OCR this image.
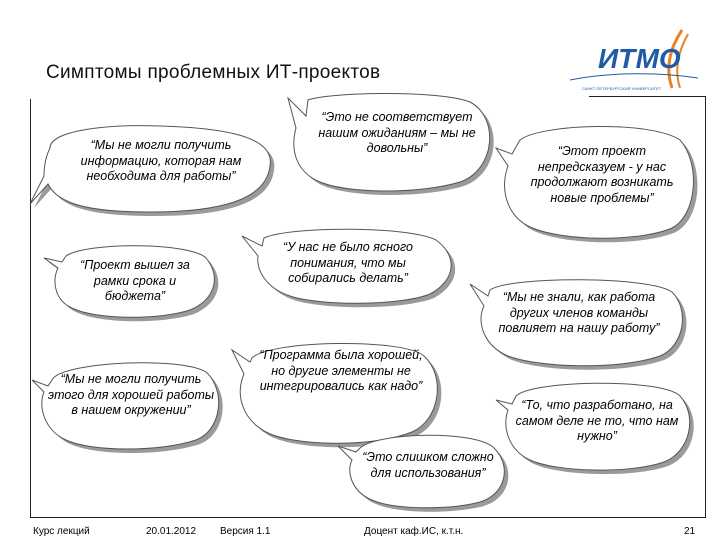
Симптомы проблемных ИТ-проектов	ИТМО
САНКТ-ПЕТЕРБУРГСКИЙ УНИВЕРСИТЕТ
“Мы не могли получить информацию, которая нам необходима для работы”
“Это не соответствует нашим ожиданиям – мы не довольны”	“Этот проект непредсказуем - у нас продолжают возникать новые проблемы”
“Проект вышел за рамки срока и бюджета”
“У нас не было ясного понимания, что мы собирались делать”
“Мы не знали, как работа других членов команды повлияет на нашу работу”
“Мы не могли получить этого для хорошей работы в нашем окружении”
“Программа была хорошей, но другие элементы не интегрировались как надо”
“То, что разработано, на самом деле не то, что нам нужно”
“Это слишком сложно для использования”
Курс лекций	20.01.2012 Версия 1.1	Доцент каф.ИС, к.т.н.	21
